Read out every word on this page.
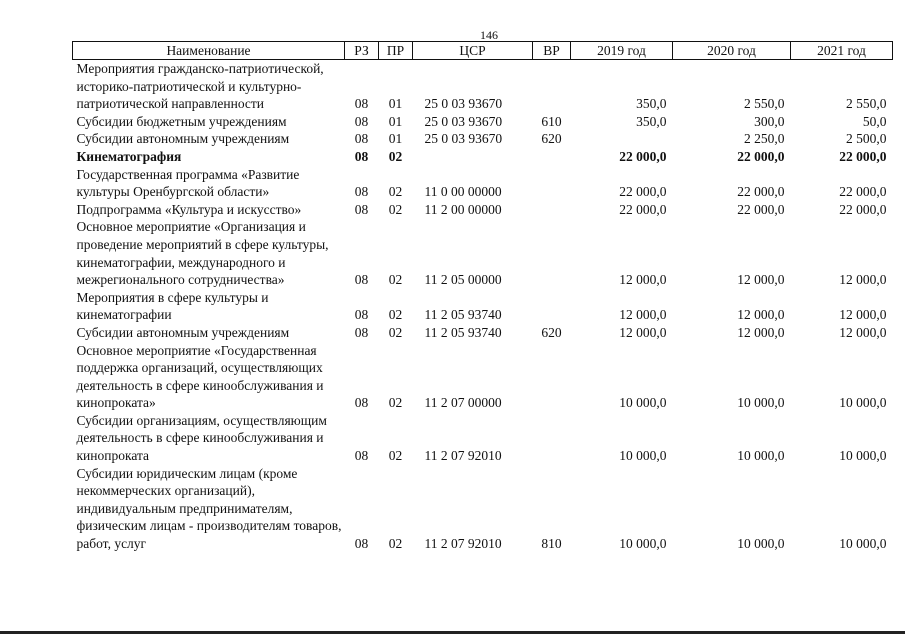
146
Наименование	РЗ	ПР	ЦСР	ВР	2019 год	2020 год	2021 год
Мероприятия гражданско-патриотической, историко-патриотической и культурно-патриотической направленности	08	01	25 0 03 93670		350,0	2 550,0	2 550,0
Субсидии бюджетным учреждениям	08	01	25 0 03 93670	610	350,0	300,0	50,0
Субсидии автономным учреждениям	08	01	25 0 03 93670	620		2 250,0	2 500,0
Кинематография	08	02			22 000,0	22 000,0	22 000,0
Государственная программа «Развитие культуры Оренбургской области»	08	02	11 0 00 00000		22 000,0	22 000,0	22 000,0
Подпрограмма «Культура и искусство»	08	02	11 2 00 00000		22 000,0	22 000,0	22 000,0
Основное мероприятие «Организация и проведение мероприятий в сфере культуры, кинематографии, международного и межрегионального сотрудничества»	08	02	11 2 05 00000		12 000,0	12 000,0	12 000,0
Мероприятия в сфере культуры и кинематографии	08	02	11 2 05 93740		12 000,0	12 000,0	12 000,0
Субсидии автономным учреждениям	08	02	11 2 05 93740	620	12 000,0	12 000,0	12 000,0
Основное мероприятие «Государственная поддержка организаций, осуществляющих деятельность в сфере кинообслуживания и кинопроката»	08	02	11 2 07 00000		10 000,0	10 000,0	10 000,0
Субсидии организациям, осуществляющим деятельность в сфере кинообслуживания и кинопроката	08	02	11 2 07 92010		10 000,0	10 000,0	10 000,0
Субсидии юридическим лицам (кроме некоммерческих организаций), индивидуальным предпринимателям, физическим лицам - производителям товаров, работ, услуг	08	02	11 2 07 92010	810	10 000,0	10 000,0	10 000,0
